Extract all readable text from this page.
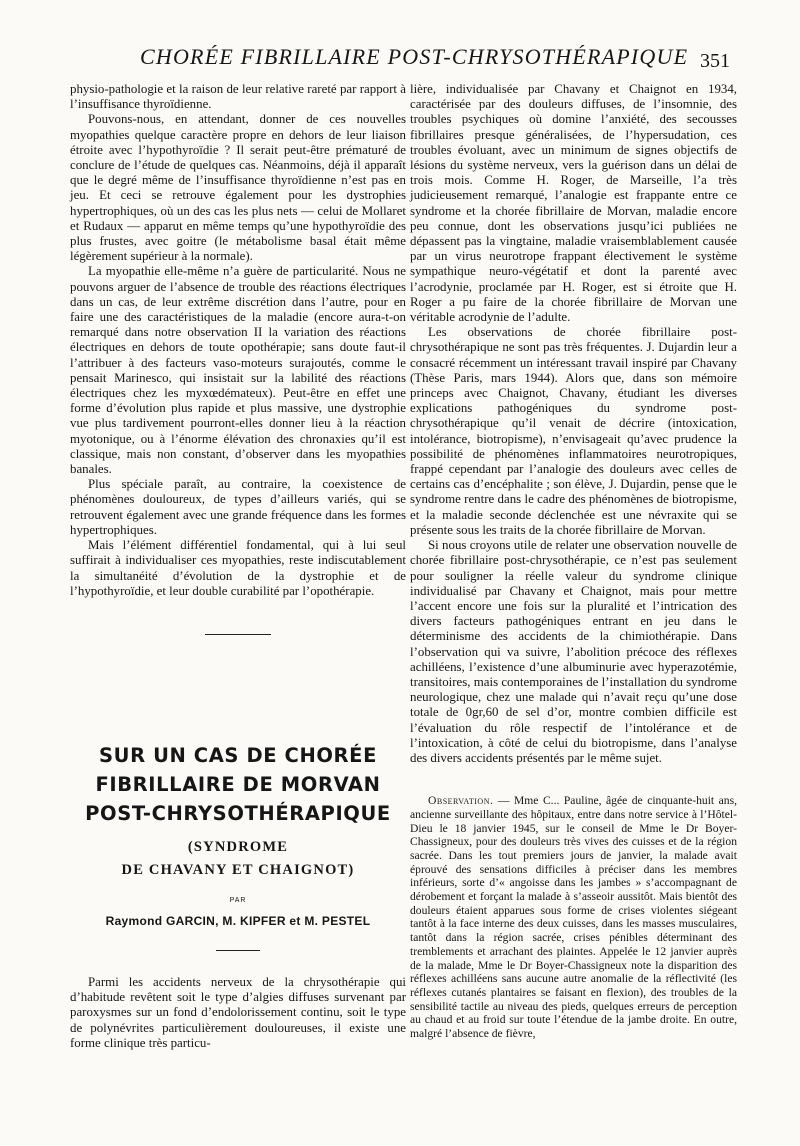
CHORÉE FIBRILLAIRE POST-CHRYSOTHÉRAPIQUE 351

physio-pathologie et la raison de leur relative rareté par rapport à l’insuffisance thyroïdienne.

Pouvons-nous, en attendant, donner de ces nouvelles myopathies quelque caractère propre en dehors de leur liaison étroite avec l’hypothyroïdie ? Il serait peut-être prématuré de conclure de l’étude de quelques cas. Néanmoins, déjà il apparaît que le degré même de l’insuffisance thyroïdienne n’est pas en jeu. Et ceci se retrouve également pour les dystrophies hypertrophiques, où un des cas les plus nets — celui de Mollaret et Rudaux — apparut en même temps qu’une hypothyroïdie des plus frustes, avec goitre (le métabolisme basal était même légèrement supérieur à la normale).

La myopathie elle-même n’a guère de particularité. Nous ne pouvons arguer de l’absence de trouble des réactions électriques dans un cas, de leur extrême discrétion dans l’autre, pour en faire une des caractéristiques de la maladie (encore aura-t-on remarqué dans notre observation II la variation des réactions électriques en dehors de toute opothérapie; sans doute faut-il l’attribuer à des facteurs vaso-moteurs surajoutés, comme le pensait Marinesco, qui insistait sur la labilité des réactions électriques chez les myxœdémateux). Peut-être en effet une forme d’évolution plus rapide et plus massive, une dystrophie vue plus tardivement pourront-elles donner lieu à la réaction myotonique, ou à l’énorme élévation des chronaxies qu’il est classique, mais non constant, d’observer dans les myopathies banales.

Plus spéciale paraît, au contraire, la coexistence de phénomènes douloureux, de types d’ailleurs variés, qui se retrouvent également avec une grande fréquence dans les formes hypertrophiques.

Mais l’élément différentiel fondamental, qui à lui seul suffirait à individualiser ces myopathies, reste indiscutablement la simultanéité d’évolution de la dystrophie et de l’hypothyroïdie, et leur double curabilité par l’opothérapie.

SUR UN CAS DE CHORÉE
FIBRILLAIRE DE MORVAN
POST-CHRYSOTHÉRAPIQUE
(SYNDROME
DE CHAVANY ET CHAIGNOT)
PAR
Raymond GARCIN, M. KIPFER et M. PESTEL

Parmi les accidents nerveux de la chrysothérapie qui d’habitude revêtent soit le type d’algies diffuses survenant par paroxysmes sur un fond d’endolorissement continu, soit le type de polynévrites particulièrement douloureuses, il existe une forme clinique très particu-

lière, individualisée par Chavany et Chaignot en 1934, caractérisée par des douleurs diffuses, de l’insomnie, des troubles psychiques où domine l’anxiété, des secousses fibrillaires presque généralisées, de l’hypersudation, ces troubles évoluant, avec un minimum de signes objectifs de lésions du système nerveux, vers la guérison dans un délai de trois mois. Comme H. Roger, de Marseille, l’a très judicieusement remarqué, l’analogie est frappante entre ce syndrome et la chorée fibrillaire de Morvan, maladie encore peu connue, dont les observations jusqu’ici publiées ne dépassent pas la vingtaine, maladie vraisemblablement causée par un virus neurotrope frappant électivement le système sympathique neuro-végétatif et dont la parenté avec l’acrodynie, proclamée par H. Roger, est si étroite que H. Roger a pu faire de la chorée fibrillaire de Morvan une véritable acrodynie de l’adulte.

Les observations de chorée fibrillaire post-chrysothérapique ne sont pas très fréquentes. J. Dujardin leur a consacré récemment un intéressant travail inspiré par Chavany (Thèse Paris, mars 1944). Alors que, dans son mémoire princeps avec Chaignot, Chavany, étudiant les diverses explications pathogéniques du syndrome post-chrysothérapique qu’il venait de décrire (intoxication, intolérance, biotropisme), n’envisageait qu’avec prudence la possibilité de phénomènes inflammatoires neurotropiques, frappé cependant par l’analogie des douleurs avec celles de certains cas d’encéphalite ; son élève, J. Dujardin, pense que le syndrome rentre dans le cadre des phénomènes de biotropisme, et la maladie seconde déclenchée est une névraxite qui se présente sous les traits de la chorée fibrillaire de Morvan.

Si nous croyons utile de relater une observation nouvelle de chorée fibrillaire post-chrysothérapie, ce n’est pas seulement pour souligner la réelle valeur du syndrome clinique individualisé par Chavany et Chaignot, mais pour mettre l’accent encore une fois sur la pluralité et l’intrication des divers facteurs pathogéniques entrant en jeu dans le déterminisme des accidents de la chimiothérapie. Dans l’observation qui va suivre, l’abolition précoce des réflexes achilléens, l’existence d’une albuminurie avec hyperazotémie, transitoires, mais contemporaines de l’installation du syndrome neurologique, chez une malade qui n’avait reçu qu’une dose totale de 0gr,60 de sel d’or, montre combien difficile est l’évaluation du rôle respectif de l’intolérance et de l’intoxication, à côté de celui du biotropisme, dans l’analyse des divers accidents présentés par le même sujet.

Observation. — Mme C... Pauline, âgée de cinquante-huit ans, ancienne surveillante des hôpitaux, entre dans notre service à l’Hôtel-Dieu le 18 janvier 1945, sur le conseil de Mme le Dr Boyer-Chassigneux, pour des douleurs très vives des cuisses et de la région sacrée. Dans les tout premiers jours de janvier, la malade avait éprouvé des sensations difficiles à préciser dans les membres inférieurs, sorte d’« angoisse dans les jambes » s’accompagnant de dérobement et forçant la malade à s’asseoir aussitôt. Mais bientôt des douleurs étaient apparues sous forme de crises violentes siégeant tantôt à la face interne des deux cuisses, dans les masses musculaires, tantôt dans la région sacrée, crises pénibles déterminant des tremblements et arrachant des plaintes. Appelée le 12 janvier auprès de la malade, Mme le Dr Boyer-Chassigneux note la disparition des réflexes achilléens sans aucune autre anomalie de la réflectivité (les réflexes cutanés plantaires se faisant en flexion), des troubles de la sensibilité tactile au niveau des pieds, quelques erreurs de perception au chaud et au froid sur toute l’étendue de la jambe droite. En outre, malgré l’absence de fièvre,
